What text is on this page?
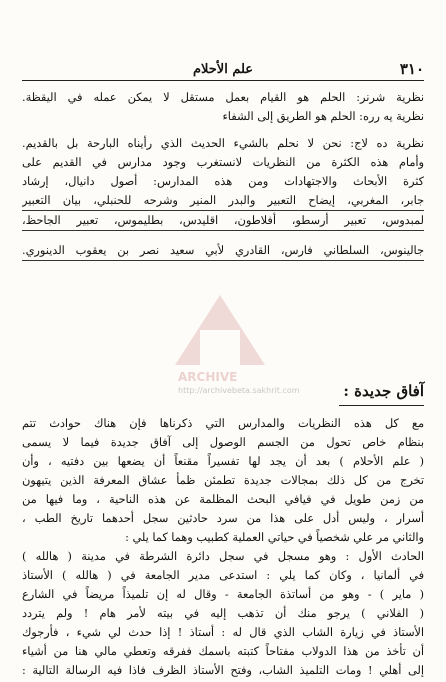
٣١٠
علم الأحلام
نظرية شرنر: الحلم هو القيام بعمل مستقل لا يمكن عمله في اليقظة.
نظرية يه رره: الحلم هو الطريق إلى الشفاء
نظرية ده لاج: نحن لا نحلم بالشيء الحديث الذي رأيناه البارحة بل بالقديم.
وأمام هذه الكثرة من النظريات لانستغرب وجود مدارس في القديم على
كثرة الأبحاث والاجتهادات ومن هذه المدارس: أصول دانيال، إرشاد
جابر، المغربي، إيضاح التعبير والبدر المنير وشرحه للحنبلي، بيان التعبير
لمبدوس، تعبير أرسطو، أفلاطون، اقليدس، بطليموس، تعبير الجاحظ،
جالينوس، السلطاني فارس، القادري لأبي سعيد نصر بن يعقوب الدينوري.
ARCHIVE
http://archivebeta.sakhrit.com	آفاق جديدة :
مع كل هذه النظريات والمدارس التي ذكرناها فإن هناك حوادث تتم
بنظام خاص تحول من الجسم الوصول إلى آفاق جديدة فيما لا يسمى
( علم الأحلام ) بعد أن يجد لها تفسيراً مقنعاً أن يضعها بين دفتيه ، وأن
تخرج من كل ذلك بمجالات جديدة تطمئن ظمأ عشاق المعرفة الذين يتيهون
من زمن طويل في فيافي البحث المظلمة عن هذه الناحية ، وما فيها من
أسرار ، وليس أدل على هذا من سرد حادثين سجل أحدهما تاريخ الطب ،
والثاني مر علي شخصياً في حياتي العملية كطبيب وهما كما يلي :
الحادث الأول : وهو مسجل في سجل دائرة الشرطة في مدينة ( هالله )
في ألمانيا ، وكان كما يلي : استدعى مدير الجامعة في ( هالله ) الأستاذ
( ماير ) - وهو من أساتذة الجامعة - وقال له إن تلميذاً مريضاً في الشارع
( الفلاني ) يرجو منك أن تذهب إليه في بيته لأمر هام ! ولم يتردد
الأستاذ في زيارة الشاب الذي قال له : أستاذ ! إذا حدث لي شيء ، فأرجوك
أن تأخذ من هذا الدولاب مفتاحاً كتبته باسمك ففرقه وتعطي مالي هنا من أشياء
إلى أهلي ! ومات التلميذ الشاب، وفتح الأستاذ الظرف فاذا فيه الرسالة التالية :
